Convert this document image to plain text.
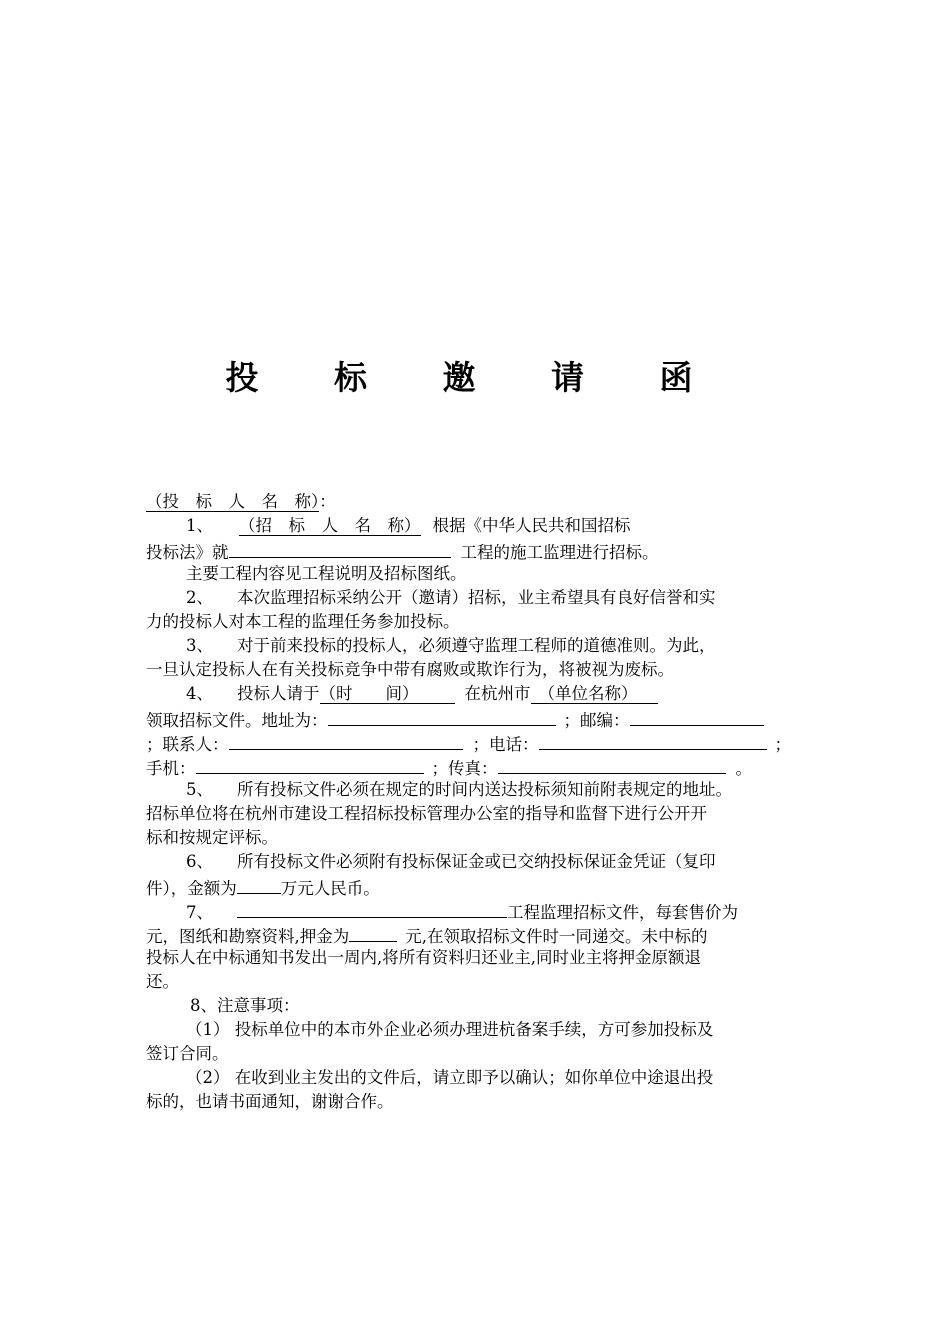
投 标 邀 请 函
（投　标　人　名　称）：
1、 （招　标　人　名　称） 根据《中华人民共和国招标
投标法》就	工程的施工监理进行招标。
主要工程内容见工程说明及招标图纸。
2、 本次监理招标采纳公开（邀请）招标，业主希望具有良好信誉和实
力的投标人对本工程的监理任务参加投标。
3、 对于前来投标的投标人，必须遵守监理工程师的道德准则。为此，
一旦认定投标人在有关投标竞争中带有腐败或欺诈行为，将被视为废标。
4、 投标人请于（时　　间）	在杭州市 （单位名称）
领取招标文件。地址为：	；邮编：
；联系人：	；电话：	；
手机：	；传真：	。
5、 所有投标文件必须在规定的时间内送达投标须知前附表规定的地址。
招标单位将在杭州市建设工程招标投标管理办公室的指导和监督下进行公开开
标和按规定评标。
6、 所有投标文件必须附有投标保证金或已交纳投标保证金凭证（复印
件），金额为	万元人民币。
7、	工程监理招标文件，每套售价为
元，图纸和勘察资料,押金为	元,在领取招标文件时一同递交。未中标的
投标人在中标通知书发出一周内,将所有资料归还业主,同时业主将押金原额退
还。
8、注意事项：
（1） 投标单位中的本市外企业必须办理进杭备案手续，方可参加投标及
签订合同。
（2） 在收到业主发出的文件后，请立即予以确认；如你单位中途退出投
标的，也请书面通知，谢谢合作。
